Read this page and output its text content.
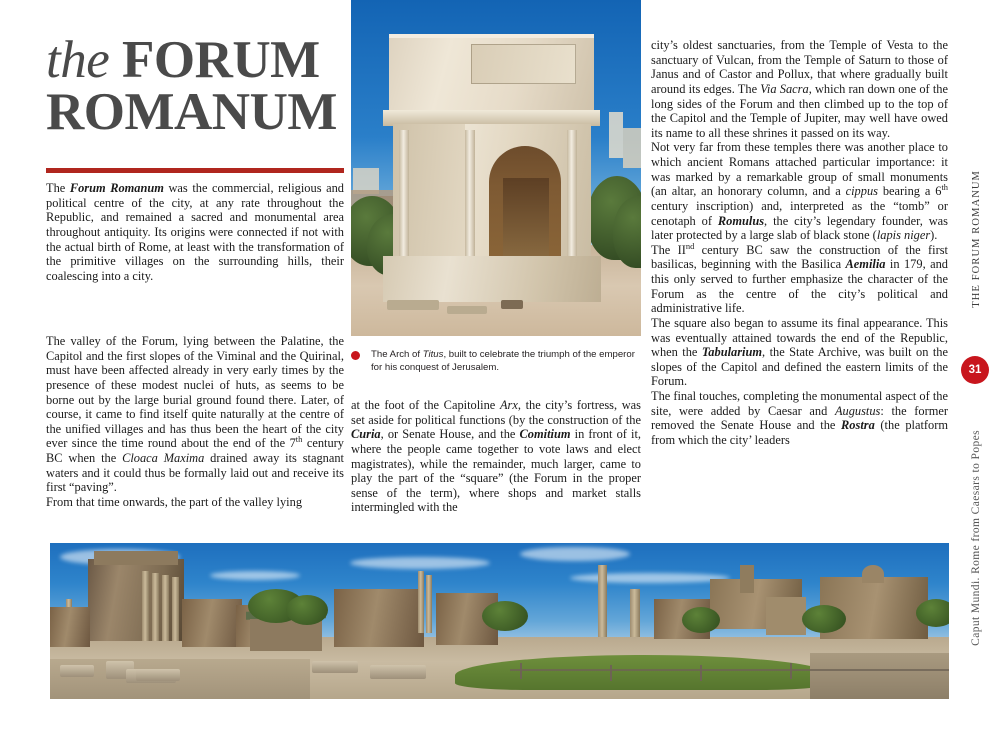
the FORUM
ROMANUM

The Forum Romanum was the commercial, religious and political centre of the city, at any rate throughout the Republic, and remained a sacred and monumental area throughout antiquity. Its origins were connected if not with the actual birth of Rome, at least with the transformation of the primitive villages on the surrounding hills, their coalescing into a city.

The valley of the Forum, lying between the Palatine, the Capitol and the first slopes of the Viminal and the Quirinal, must have been affected already in very early times by the presence of these modest nuclei of huts, as seems to be borne out by the large burial ground found there. Later, of course, it came to find itself quite naturally at the centre of the unified villages and has thus been the heart of the city ever since the time round about the end of the 7th century BC when the Cloaca Maxima drained away its stagnant waters and it could thus be formally laid out and receive its first “paving”.

From that time onwards, the part of the valley lying

The Arch of Titus, built to celebrate the triumph of the emperor for his conquest of Jerusalem.

at the foot of the Capitoline Arx, the city’s fortress, was set aside for political functions (by the construction of the Curia, or Senate House, and the Comitium in front of it, where the people came together to vote laws and elect magistrates), while the remainder, much larger, came to play the part of the “square” (the Forum in the proper sense of the term), where shops and market stalls intermingled with the

city’s oldest sanctuaries, from the Temple of Vesta to the sanctuary of Vulcan, from the Temple of Saturn to those of Janus and of Castor and Pollux, that where gradually built around its edges. The Via Sacra, which ran down one of the long sides of the Forum and then climbed up to the top of the Capitol and the Temple of Jupiter, may well have owed its name to all these shrines it passed on its way.

Not very far from these temples there was another place to which ancient Romans attached particular importance: it was marked by a remarkable group of small monuments (an altar, an honorary column, and a cippus bearing a 6th century inscription) and, interpreted as the “tomb” or cenotaph of Romulus, the city’s legendary founder, was later protected by a large slab of black stone (lapis niger).

The IInd century BC saw the construction of the first basilicas, beginning with the Basilica Aemilia in 179, and this only served to further emphasize the character of the Forum as the centre of the city’s political and administrative life.

The square also began to assume its final appearance. This was eventually attained towards the end of the Republic, when the Tabularium, the State Archive, was built on the slopes of the Capitol and defined the eastern limits of the Forum.

The final touches, completing the monumental aspect of the site, were added by Caesar and Augustus: the former removed the Senate House and the Rostra (the platform from which the city’ leaders

THE FORUM ROMANUM
31
Caput Mundi. Rome from Caesars to Popes
